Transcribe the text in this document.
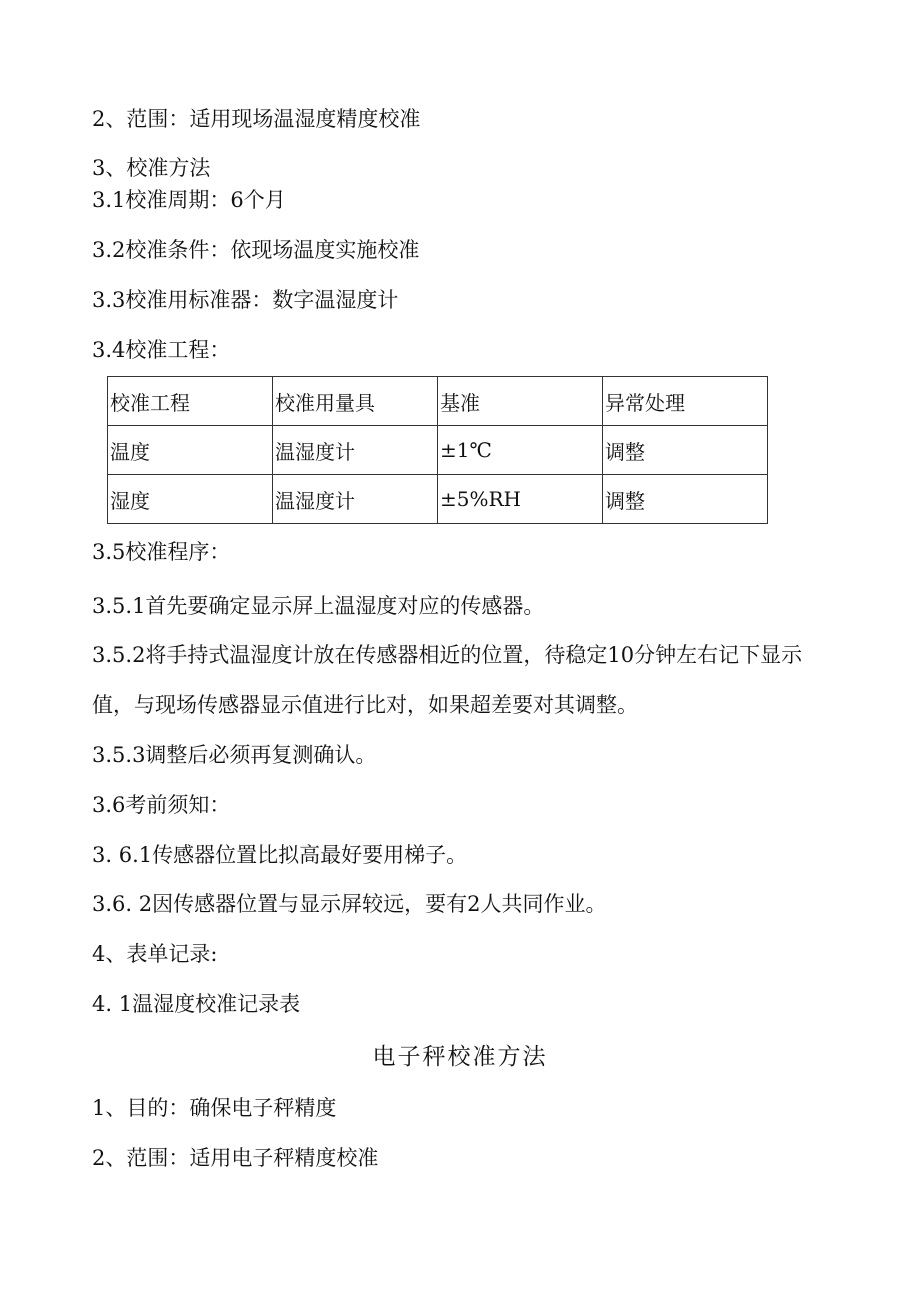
2、范围：适用现场温湿度精度校准
3、校准方法
3.1校准周期：6个月
3.2校准条件：依现场温度实施校准
3.3校准用标准器：数字温湿度计
3.4校准工程：
校准工程	校准用量具	基准	异常处理
温度	温湿度计	±1℃	调整
湿度	温湿度计	±5%RH	调整
3.5校准程序：
3.5.1首先要确定显示屏上温湿度对应的传感器。
3.5.2将手持式温湿度计放在传感器相近的位置，待稳定10分钟左右记下显示
值，与现场传感器显示值进行比对，如果超差要对其调整。
3.5.3调整后必须再复测确认。
3.6考前须知：
3. 6.1传感器位置比拟高最好要用梯子。
3.6. 2因传感器位置与显示屏较远，要有2人共同作业。
4、表单记录:
4. 1温湿度校准记录表
电子秤校准方法
1、目的：确保电子秤精度
2、范围：适用电子秤精度校准
